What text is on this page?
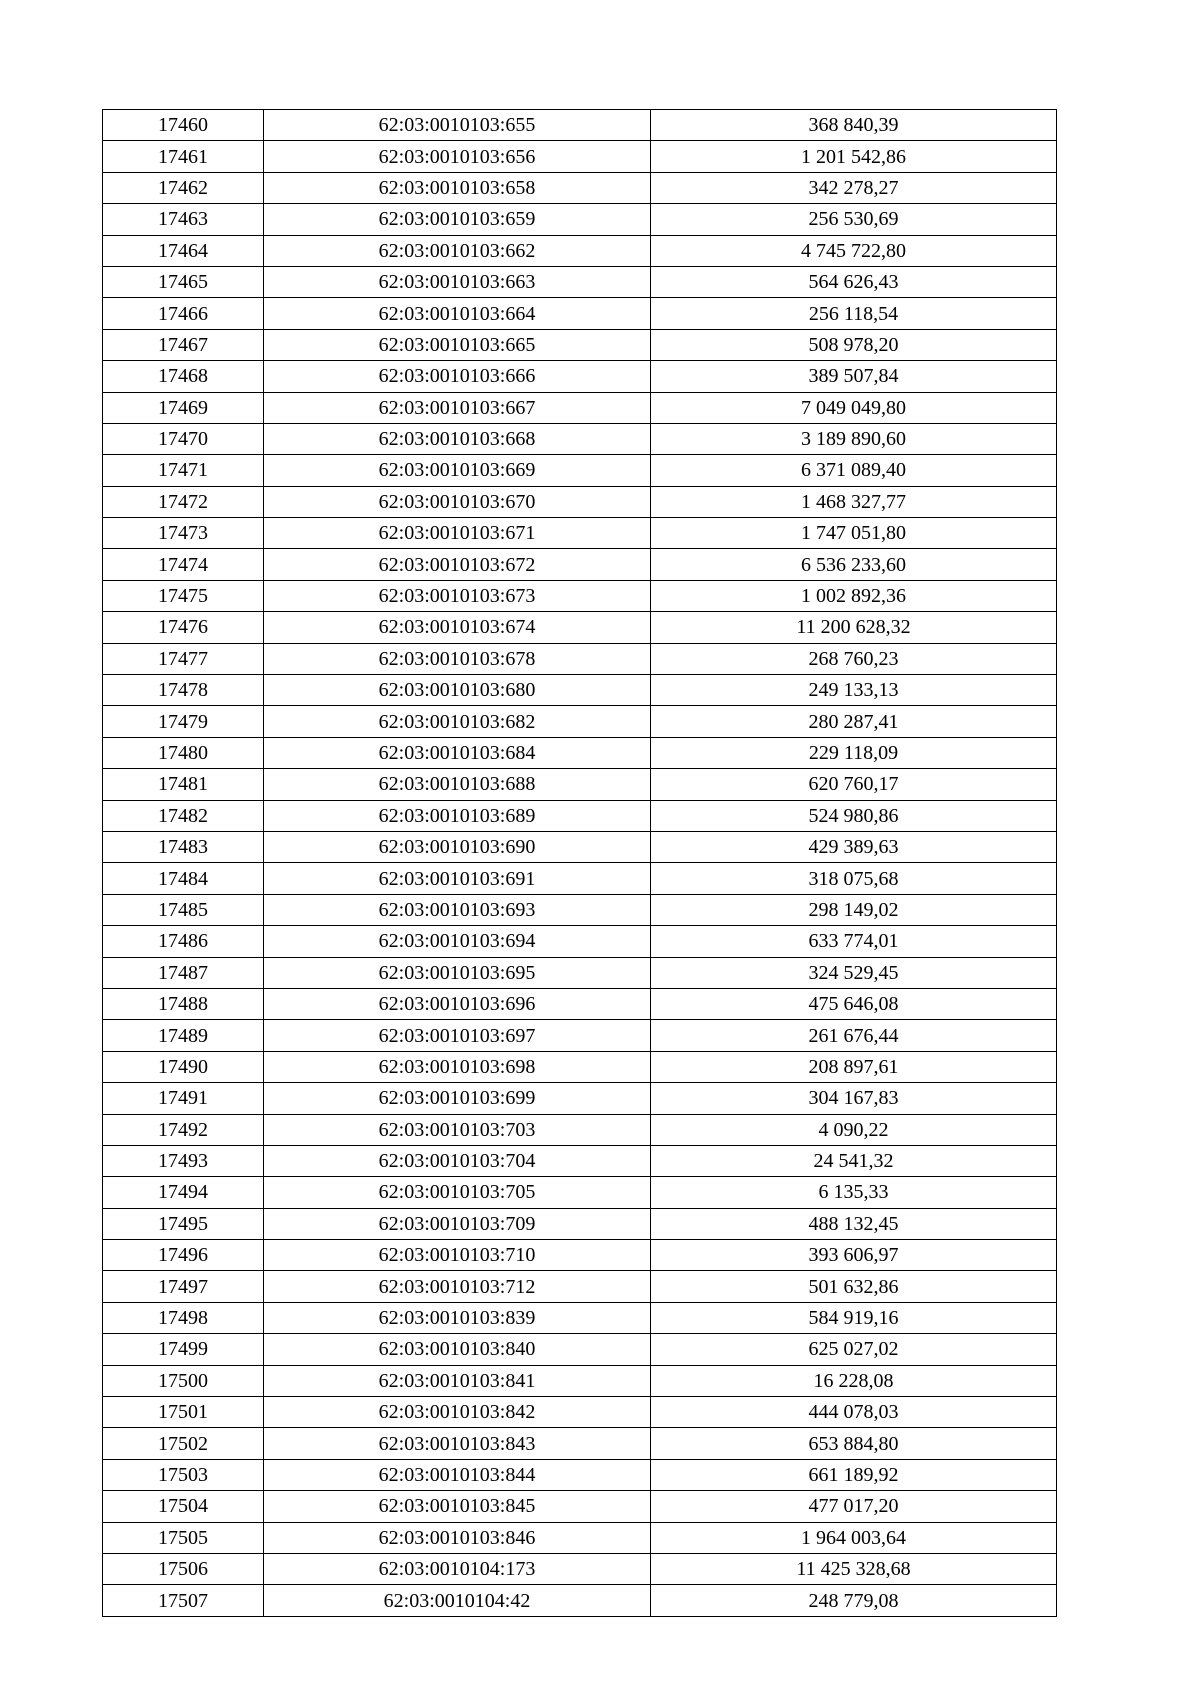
17460	62:03:0010103:655	368 840,39
17461	62:03:0010103:656	1 201 542,86
17462	62:03:0010103:658	342 278,27
17463	62:03:0010103:659	256 530,69
17464	62:03:0010103:662	4 745 722,80
17465	62:03:0010103:663	564 626,43
17466	62:03:0010103:664	256 118,54
17467	62:03:0010103:665	508 978,20
17468	62:03:0010103:666	389 507,84
17469	62:03:0010103:667	7 049 049,80
17470	62:03:0010103:668	3 189 890,60
17471	62:03:0010103:669	6 371 089,40
17472	62:03:0010103:670	1 468 327,77
17473	62:03:0010103:671	1 747 051,80
17474	62:03:0010103:672	6 536 233,60
17475	62:03:0010103:673	1 002 892,36
17476	62:03:0010103:674	11 200 628,32
17477	62:03:0010103:678	268 760,23
17478	62:03:0010103:680	249 133,13
17479	62:03:0010103:682	280 287,41
17480	62:03:0010103:684	229 118,09
17481	62:03:0010103:688	620 760,17
17482	62:03:0010103:689	524 980,86
17483	62:03:0010103:690	429 389,63
17484	62:03:0010103:691	318 075,68
17485	62:03:0010103:693	298 149,02
17486	62:03:0010103:694	633 774,01
17487	62:03:0010103:695	324 529,45
17488	62:03:0010103:696	475 646,08
17489	62:03:0010103:697	261 676,44
17490	62:03:0010103:698	208 897,61
17491	62:03:0010103:699	304 167,83
17492	62:03:0010103:703	4 090,22
17493	62:03:0010103:704	24 541,32
17494	62:03:0010103:705	6 135,33
17495	62:03:0010103:709	488 132,45
17496	62:03:0010103:710	393 606,97
17497	62:03:0010103:712	501 632,86
17498	62:03:0010103:839	584 919,16
17499	62:03:0010103:840	625 027,02
17500	62:03:0010103:841	16 228,08
17501	62:03:0010103:842	444 078,03
17502	62:03:0010103:843	653 884,80
17503	62:03:0010103:844	661 189,92
17504	62:03:0010103:845	477 017,20
17505	62:03:0010103:846	1 964 003,64
17506	62:03:0010104:173	11 425 328,68
17507	62:03:0010104:42	248 779,08
